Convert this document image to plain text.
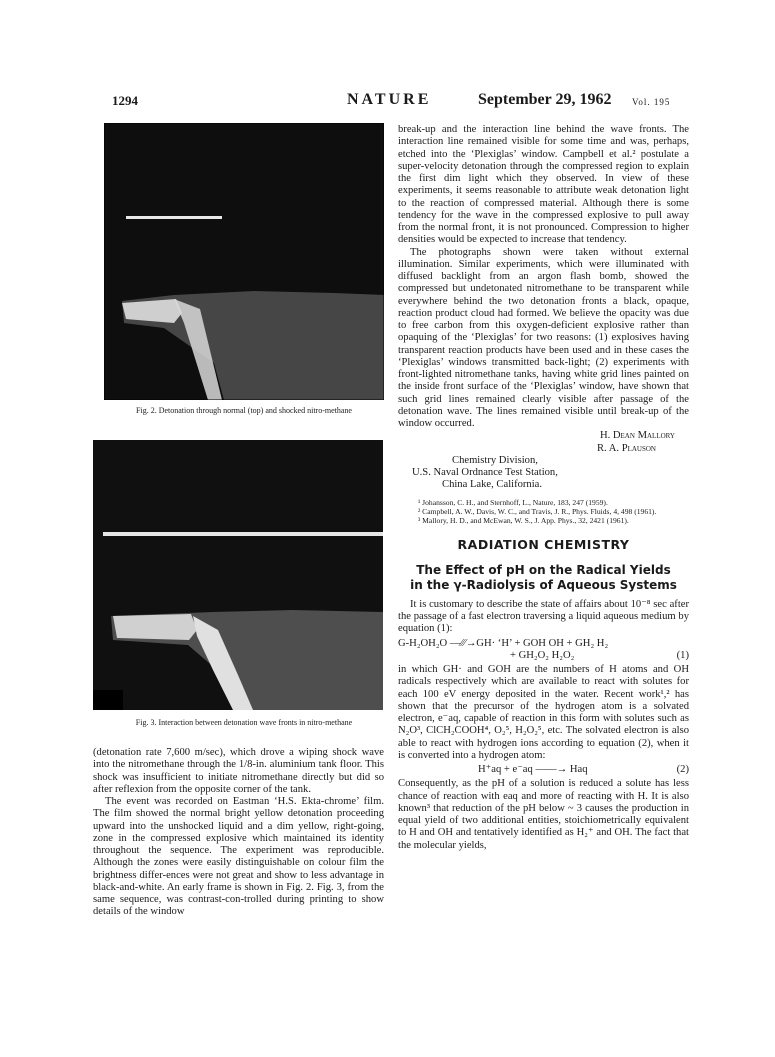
1294	NATURE	September 29, 1962 Vol. 195
Fig. 2. Detonation through normal (top) and shocked nitro-methane
Fig. 3. Interaction between detonation wave fronts in nitro-methane

(detonation rate 7,600 m/sec), which drove a wiping shock wave into the nitromethane through the 1/8-in. aluminium tank floor. This shock was insufficient to initiate nitromethane directly but did so after reflexion from the opposite corner of the tank.

The event was recorded on Eastman ‘H.S. Ekta-chrome’ film. The film showed the normal bright yellow detonation proceeding upward into the unshocked liquid and a dim yellow, right-going, zone in the compressed explosive which maintained its identity throughout the sequence. The experiment was reproducible. Although the zones were easily distinguishable on colour film the brightness differ-ences were not great and show to less advantage in black-and-white. An early frame is shown in Fig. 2. Fig. 3, from the same sequence, was contrast-con-trolled during printing to show details of the window

break-up and the interaction line behind the wave fronts. The interaction line remained visible for some time and was, perhaps, etched into the ‘Plexiglas’ window. Campbell et al.² postulate a super-velocity detonation through the compressed region to explain the first dim light which they observed. In view of these experiments, it seems reasonable to attribute weak detonation light to the reaction of compressed material. Although there is some tendency for the wave in the compressed explosive to pull away from the normal front, it is not pronounced. Compression to higher densities would be expected to increase that tendency.

The photographs shown were taken without external illumination. Similar experiments, which were illuminated with diffused backlight from an argon flash bomb, showed the compressed but undetonated nitromethane to be transparent while everywhere behind the two detonation fronts a black, opaque, reaction product cloud had formed. We believe the opacity was due to free carbon from this oxygen-deficient explosive rather than opaquing of the ‘Plexiglas’ for two reasons: (1) explosives having transparent reaction products have been used and in these cases the ‘Plexiglas’ windows transmitted back-light; (2) experiments with front-lighted nitromethane tanks, having white grid lines painted on the inside front surface of the ‘Plexiglas’ window, have shown that such grid lines remained clearly visible after passage of the detonation wave. The lines remained visible until break-up of the window occurred.

H. Dean Mallory
R. A. Plauson
Chemistry Division,
U.S. Naval Ordnance Test Station,
China Lake, California.

¹ Johansson, C. H., and Sternhoff, L., Nature, 183, 247 (1959).

² Campbell, A. W., Davis, W. C., and Travis, J. R., Phys. Fluids, 4, 498 (1961).

³ Mallory, H. D., and McEwan, W. S., J. App. Phys., 32, 2421 (1961).

RADIATION CHEMISTRY
The Effect of pH on the Radical Yields
in the γ-Radiolysis of Aqueous Systems

It is customary to describe the state of affairs about 10⁻⁸ sec after the passage of a fast electron traversing a liquid aqueous medium by equation (1):

G-H₂OH₂O —⁄⁄⁄→GH· ‘H’ + GOH OH + GH₂ H₂
+ GH₂O₂ H₂O₂	(1)

in which GH· and GOH are the numbers of H atoms and OH radicals respectively which are available to react with solutes for each 100 eV energy deposited in the water. Recent work¹,² has shown that the precursor of the hydrogen atom is a solvated electron, e⁻aq, capable of reaction in this form with solutes such as N₂O³, ClCH₂COOH⁴, O₂⁵, H₂O₂⁵, etc. The solvated electron is also able to react with hydrogen ions according to equation (2), when it is converted into a hydrogen atom:

H⁺aq + e⁻aq ——→ Haq	(2)

Consequently, as the pH of a solution is reduced a solute has less chance of reaction with eaq and more of reacting with H. It is also known³ that reduction of the pH below ~ 3 causes the production in equal yield of two additional entities, stoichiometrically equivalent to H and OH and tentatively identified as H₂⁺ and OH. The fact that the molecular yields,
